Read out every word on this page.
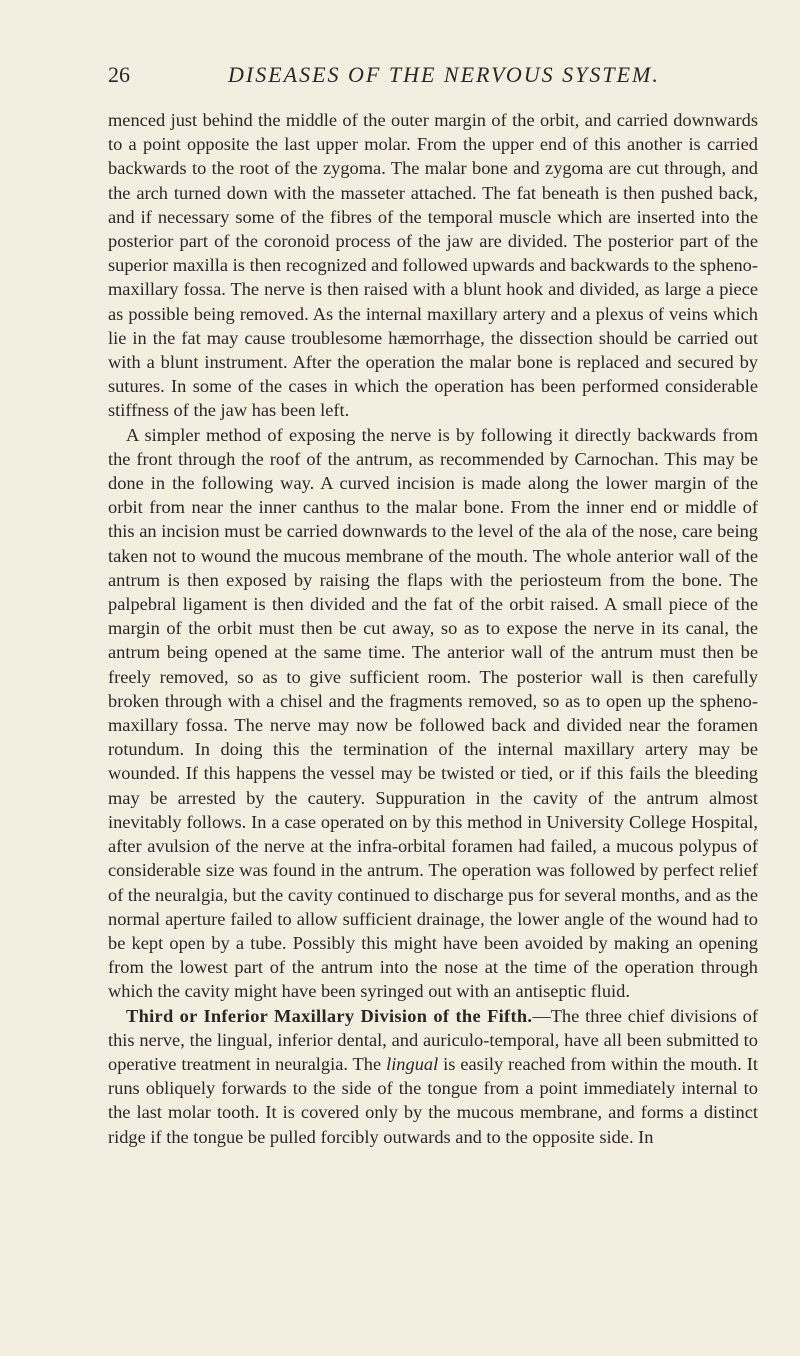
26	DISEASES OF THE NERVOUS SYSTEM.

menced just behind the middle of the outer margin of the orbit, and carried downwards to a point opposite the last upper molar. From the upper end of this another is carried backwards to the root of the zygoma. The malar bone and zygoma are cut through, and the arch turned down with the masseter attached. The fat beneath is then pushed back, and if necessary some of the fibres of the temporal muscle which are inserted into the posterior part of the coronoid process of the jaw are divided. The posterior part of the superior maxilla is then recognized and followed upwards and backwards to the spheno-maxillary fossa. The nerve is then raised with a blunt hook and divided, as large a piece as possible being removed. As the internal maxillary artery and a plexus of veins which lie in the fat may cause troublesome hæmorrhage, the dissection should be carried out with a blunt instrument. After the operation the malar bone is replaced and secured by sutures. In some of the cases in which the operation has been performed considerable stiffness of the jaw has been left.

A simpler method of exposing the nerve is by following it directly backwards from the front through the roof of the antrum, as recommended by Carnochan. This may be done in the following way. A curved incision is made along the lower margin of the orbit from near the inner canthus to the malar bone. From the inner end or middle of this an incision must be carried downwards to the level of the ala of the nose, care being taken not to wound the mucous membrane of the mouth. The whole anterior wall of the antrum is then exposed by raising the flaps with the periosteum from the bone. The palpebral ligament is then divided and the fat of the orbit raised. A small piece of the margin of the orbit must then be cut away, so as to expose the nerve in its canal, the antrum being opened at the same time. The anterior wall of the antrum must then be freely removed, so as to give sufficient room. The posterior wall is then carefully broken through with a chisel and the fragments removed, so as to open up the spheno-maxillary fossa. The nerve may now be followed back and divided near the foramen rotundum. In doing this the termination of the internal maxillary artery may be wounded. If this happens the vessel may be twisted or tied, or if this fails the bleeding may be arrested by the cautery. Suppuration in the cavity of the antrum almost inevitably follows. In a case operated on by this method in University College Hospital, after avulsion of the nerve at the infra-orbital foramen had failed, a mucous polypus of considerable size was found in the antrum. The operation was followed by perfect relief of the neuralgia, but the cavity continued to discharge pus for several months, and as the normal aperture failed to allow sufficient drainage, the lower angle of the wound had to be kept open by a tube. Possibly this might have been avoided by making an opening from the lowest part of the antrum into the nose at the time of the operation through which the cavity might have been syringed out with an antiseptic fluid.

Third or Inferior Maxillary Division of the Fifth.—The three chief divisions of this nerve, the lingual, inferior dental, and auriculo-temporal, have all been submitted to operative treatment in neuralgia. The lingual is easily reached from within the mouth. It runs obliquely forwards to the side of the tongue from a point immediately internal to the last molar tooth. It is covered only by the mucous membrane, and forms a distinct ridge if the tongue be pulled forcibly outwards and to the opposite side. In
